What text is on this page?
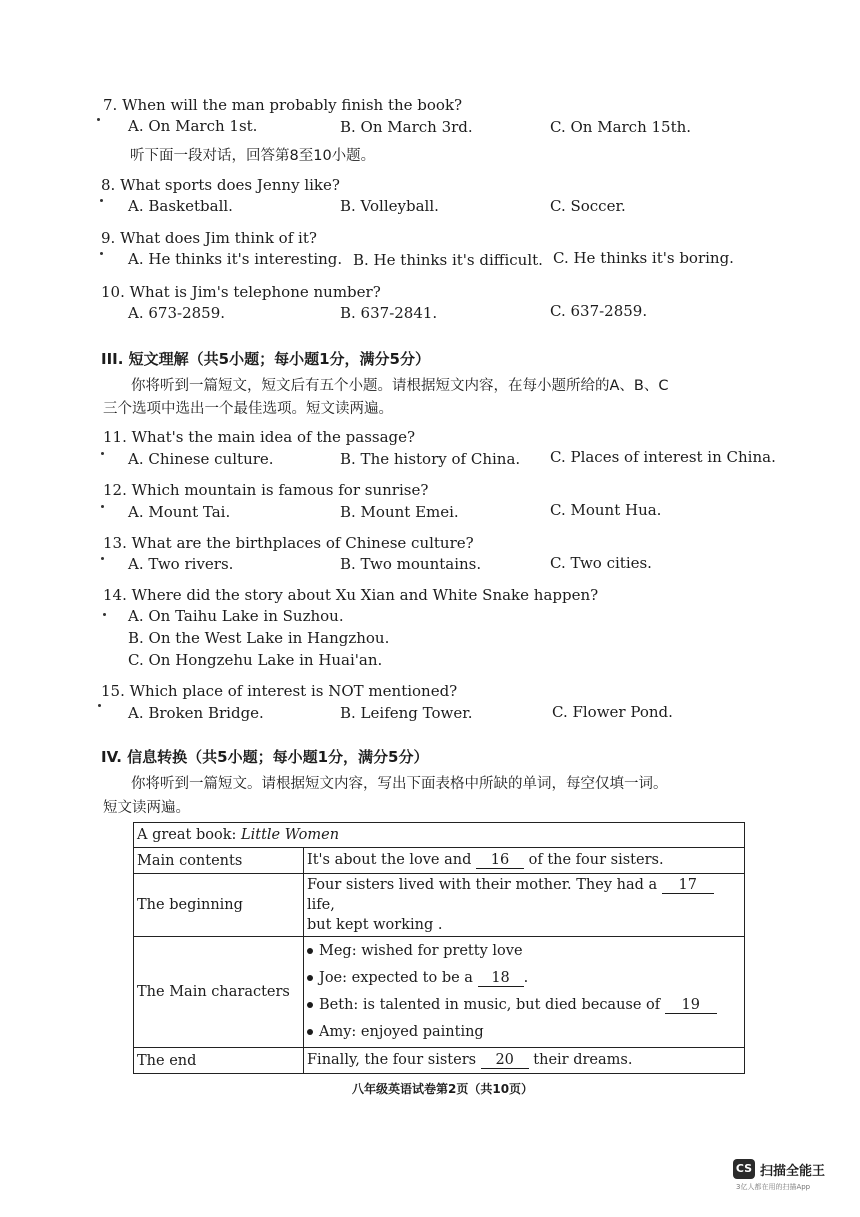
7. When will the man probably finish the book?
A. On March 1st.	B. On March 3rd.	C. On March 15th.
听下面一段对话，回答第8至10小题。
8. What sports does Jenny like?
A. Basketball.	B. Volleyball.	C. Soccer.
9. What does Jim think of it?
A. He thinks it's interesting. B. He thinks it's difficult. C. He thinks it's boring.
10. What is Jim's telephone number?
A. 673-2859.	B. 637-2841.	C. 637-2859.
III. 短文理解（共5小题；每小题1分，满分5分）
你将听到一篇短文，短文后有五个小题。请根据短文内容，在每小题所给的A、B、C
三个选项中选出一个最佳选项。短文读两遍。
11. What's the main idea of the passage?
A. Chinese culture.	B. The history of China. C. Places of interest in China.
12. Which mountain is famous for sunrise?
A. Mount Tai.	B. Mount Emei.	C. Mount Hua.
13. What are the birthplaces of Chinese culture?
A. Two rivers.	B. Two mountains.	C. Two cities.
14. Where did the story about Xu Xian and White Snake happen?
A. On Taihu Lake in Suzhou.
B. On the West Lake in Hangzhou.
C. On Hongzehu Lake in Huai'an.
15. Which place of interest is NOT mentioned?
A. Broken Bridge.	B. Leifeng Tower.	C. Flower Pond.
IV. 信息转换（共5小题；每小题1分，满分5分）
你将听到一篇短文。请根据短文内容，写出下面表格中所缺的单词，每空仅填一词。
短文读两遍。
A great book: Little Women	
Main contents	It's about the love and 16 of the four sisters.
The beginning	Four sisters lived with their mother. They had a 17 life,
but kept working .
The Main characters	Meg: wished for pretty love
Joe: expected to be a 18 .
Beth: is talented in music, but died because of 19
Amy: enjoyed painting

The end	Finally, the four sisters 20 their dreams.
八年级英语试卷第2页（共10页）
CS 扫描全能王
3亿人都在用的扫描App
